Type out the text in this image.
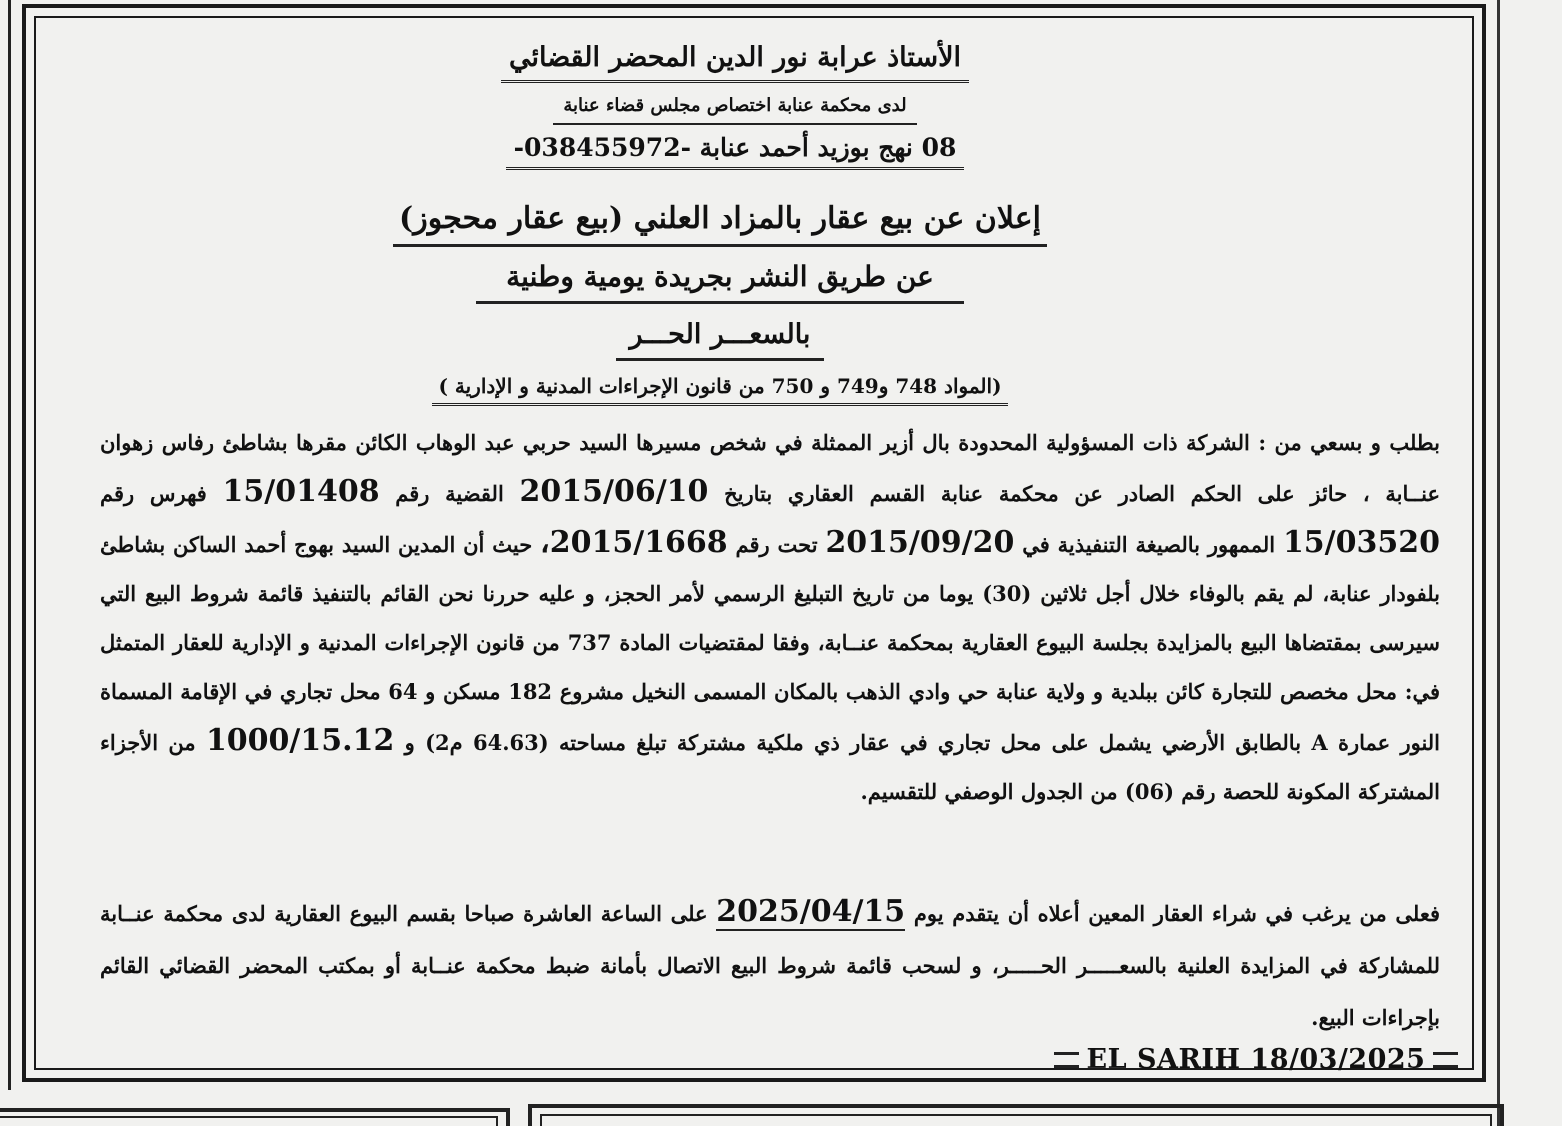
الأستاذ عرابة نور الدين المحضر القضائي
لدى محكمة عنابة اختصاص مجلس قضاء عنابة
08 نهج بوزيد أحمد عنابة -038455972-
إعلان عن بيع عقار بالمزاد العلني (بيع عقار محجوز)
عن طريق النشر بجريدة يومية وطنية
بالسعـــر الحـــر
(المواد 748 و749 و 750 من قانون الإجراءات المدنية و الإدارية )
بطلب و بسعي من : الشركة ذات المسؤولية المحدودة بال أزير الممثلة في شخص مسيرها السيد حربي عبد الوهاب الكائن مقرها بشاطئ رفاس زهوان عنــابة ، حائز على الحكم الصادر عن محكمة عنابة القسم العقاري بتاريخ 2015/06/10 القضية رقم 15/01408 فهرس رقم 15/03520 الممهور بالصيغة التنفيذية في 2015/09/20 تحت رقم 2015/1668، حيث أن المدين السيد بهوج أحمد الساكن بشاطئ بلفودار عنابة، لم يقم بالوفاء خلال أجل ثلاثين (30) يوما من تاريخ التبليغ الرسمي لأمر الحجز، و عليه حررنا نحن القائم بالتنفيذ قائمة شروط البيع التي سيرسى بمقتضاها البيع بالمزايدة بجلسة البيوع العقارية بمحكمة عنــابة، وفقا لمقتضيات المادة 737 من قانون الإجراءات المدنية و الإدارية للعقار المتمثل في: محل مخصص للتجارة كائن ببلدية و ولاية عنابة حي وادي الذهب بالمكان المسمى النخيل مشروع 182 مسكن و 64 محل تجاري في الإقامة المسماة النور عمارة A بالطابق الأرضي يشمل على محل تجاري في عقار ذي ملكية مشتركة تبلغ مساحته (64.63 م2) و 1000/15.12 من الأجزاء المشتركة المكونة للحصة رقم (06) من الجدول الوصفي للتقسيم.
فعلى من يرغب في شراء العقار المعين أعلاه أن يتقدم يوم 2025/04/15 على الساعة العاشرة صباحا بقسم البيوع العقارية لدى محكمة عنــابة للمشاركة في المزايدة العلنية بالسعـــــر الحـــــر، و لسحب قائمة شروط البيع الاتصال بأمانة ضبط محكمة عنــابة أو بمكتب المحضر القضائي القائم بإجراءات البيع.
EL SARIH 18/03/2025
